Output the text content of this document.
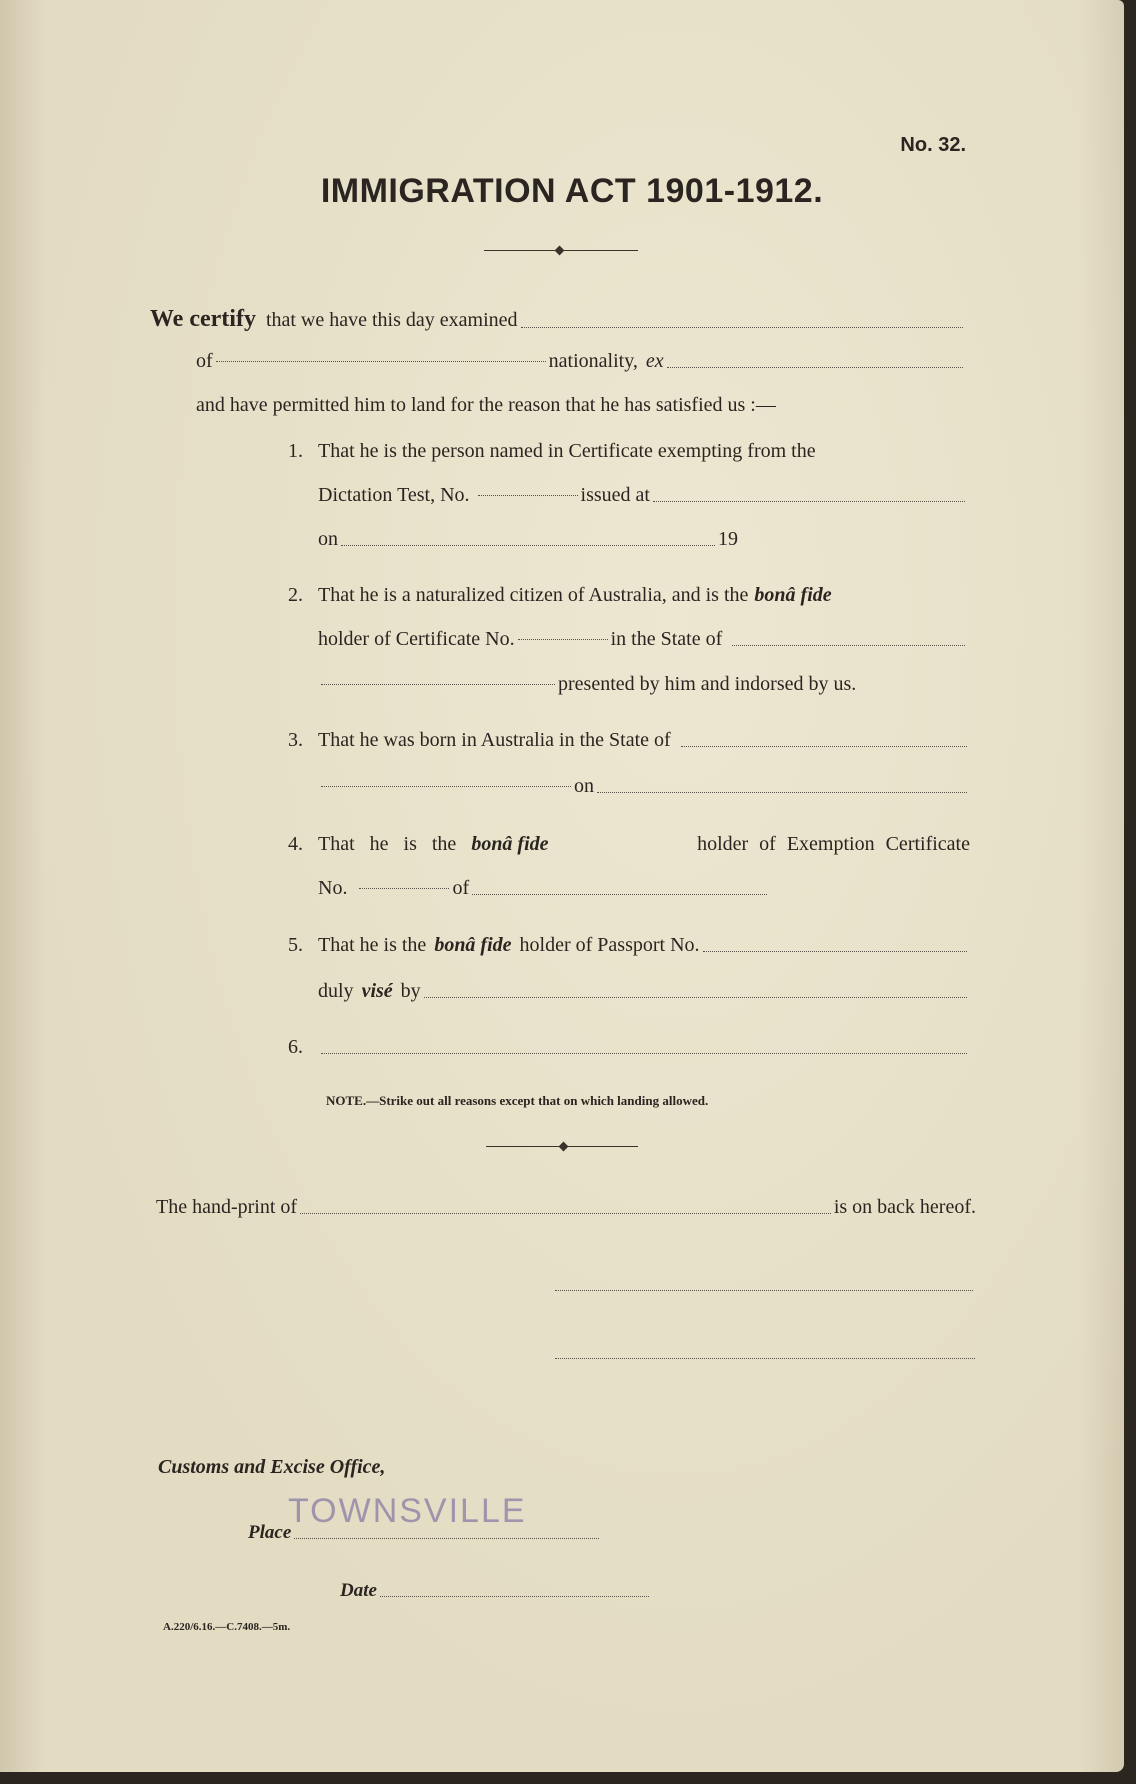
No. 32.
IMMIGRATION ACT 1901-1912.
We certify that we have this day examined
of	nationality, ex
and have permitted him to land for the reason that he has satisfied us :—
1. That he is the person named in Certificate exempting from the
Dictation Test, No.	issued at
on	19
2. That he is a naturalized citizen of Australia, and is the bonâ fide
holder of Certificate No.	in the State of
presented by him and indorsed by us.
3. That he was born in Australia in the State of
on
4. That he is the bonâ fide	holder of Exemption Certificate
No.	of
5. That he is the bonâ fide holder of Passport No.
duly visé by
6.
NOTE.—Strike out all reasons except that on which landing allowed.
The hand-print of	is on back hereof.
Customs and Excise Office,
TOWNSVILLE
Place
Date
A.220/6.16.—C.7408.—5m.
